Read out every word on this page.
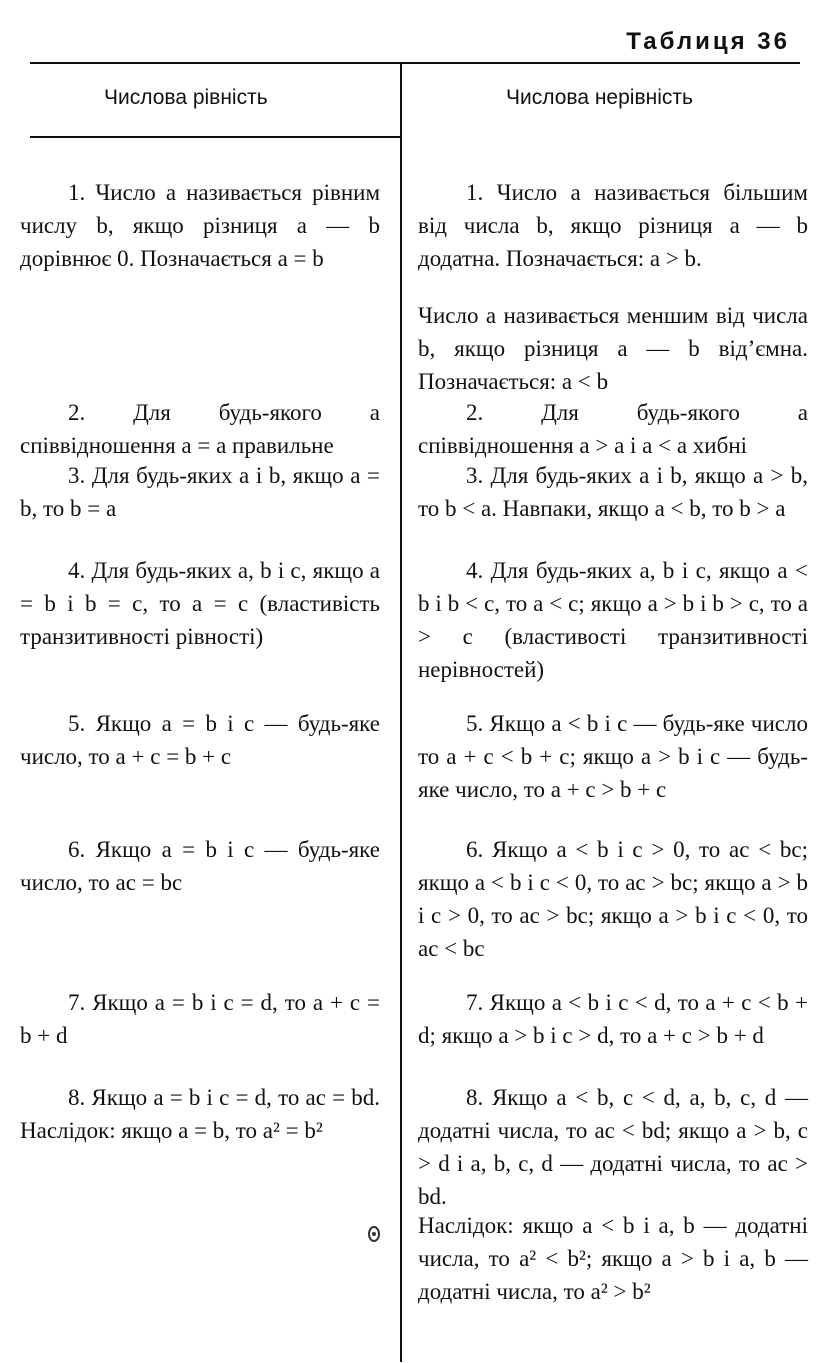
Таблиця 36
Числова рівність	Числова нерівність

1. Число a називається рівним числу b, якщо різниця a — b дорівнює 0. Позначається a = b

2. Для будь-якого a співвідношення a = a правильне

3. Для будь-яких a і b, якщо a = b, то b = a

4. Для будь-яких a, b і c, якщо a = b і b = c, то a = c (властивість транзитивності рівності)

5. Якщо a = b і c — будь-яке число, то a + c = b + c

6. Якщо a = b і c — будь-яке число, то ac = bc

7. Якщо a = b і c = d, то a + c = b + d

8. Якщо a = b і c = d, то ac = bd. Наслідок: якщо a = b, то a² = b²

1. Число a називається більшим від числа b, якщо різниця a — b додатна. Позначається: a > b.

Число a називається меншим від числа b, якщо різниця a — b від’ємна. Позначається: a < b

2. Для будь-якого a співвідношення a > a і a < a хибні

3. Для будь-яких a і b, якщо a > b, то b < a. Навпаки, якщо a < b, то b > a

4. Для будь-яких a, b і c, якщо a < b і b < c, то a < c; якщо a > b і b > c, то a > c (властивості транзитивності нерівностей)

5. Якщо a < b і c — будь-яке число то a + c < b + c; якщо a > b і c — будь-яке число, то a + c > b + c

6. Якщо a < b і c > 0, то ac < bc; якщо a < b і c < 0, то ac > bc; якщо a > b і c > 0, то ac > bc; якщо a > b і c < 0, то ac < bc

7. Якщо a < b і c < d, то a + c < b + d; якщо a > b і c > d, то a + c > b + d

8. Якщо a < b, c < d, a, b, c, d — додатні числа, то ac < bd; якщо a > b, c > d і a, b, c, d — додатні числа, то ac > bd.

Наслідок: якщо a < b і a, b — додатні числа, то a² < b²; якщо a > b і a, b — додатні числа, то a² > b²
